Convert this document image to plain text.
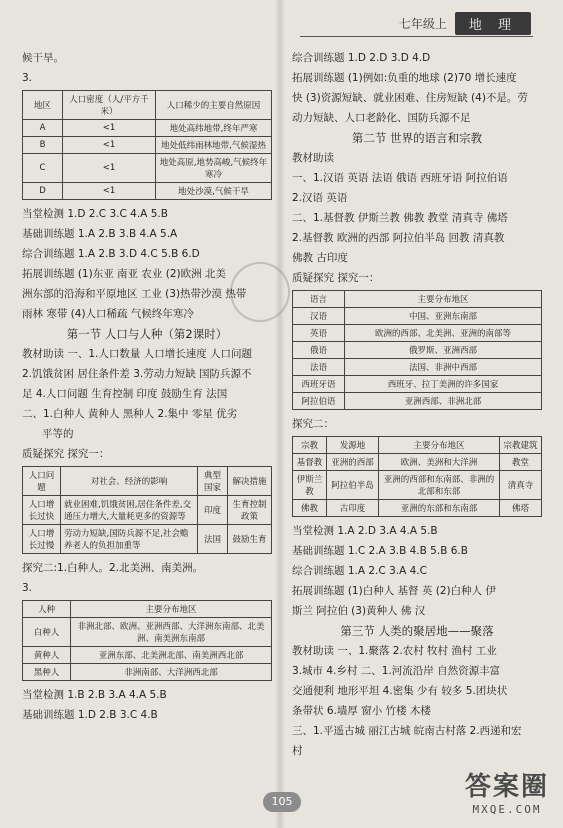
七年级上	地 理
候干旱。
3.
地区	人口密度（人/平方千米）	人口稀少的主要自然原因
A	<1	地处高纬地带,终年严寒
B	<1	地处低纬雨林地带,气候湿热
C	<1	地处高原,地势高峻,气候终年寒冷
D	<1	地处沙漠,气候干旱
当堂检测 1.D 2.C 3.C 4.A 5.B
基础训练题 1.A 2.B 3.B 4.A 5.A
综合训练题 1.A 2.B 3.D 4.C 5.B 6.D
拓展训练题 (1)东亚 南亚 农业 (2)欧洲 北美
洲东部的沿海和平原地区 工业 (3)热带沙漠 热带
雨林 寒带 (4)人口稀疏 气候终年寒冷
第一节 人口与人种（第2课时）
教材助读 一、1.人口数量 人口增长速度 人口问题
2.饥饿贫困 居住条件差 3.劳动力短缺 国防兵源不
足 4.人口问题 生育控制 印度 鼓励生育 法国
二、1.白种人 黄种人 黑种人 2.集中 零星 优劣
平等的
质疑探究 探究一：
人口问题	对社会、经济的影响	典型国家	解决措施
人口增长过快	就业困难,饥饿贫困,居住条件差,交通压力增大,大量耗更多的资源等	印度	生育控制政策
人口增长过慢	劳动力短缺,国防兵源不足,社会赡养老人的负担加重等	法国	鼓励生育
探究二:1.白种人。2.北美洲、南美洲。
3.
人种	主要分布地区
白种人	非洲北部、欧洲、亚洲西部、大洋洲东南部、北美洲、南美洲东南部
黄种人	亚洲东部、北美洲北部、南美洲西北部
黑种人	非洲南部、大洋洲西北部
当堂检测 1.B 2.B 3.A 4.A 5.B
基础训练题 1.D 2.B 3.C 4.B
综合训练题 1.D 2.D 3.D 4.D
拓展训练题 (1)例如:负重的地球 (2)70 增长速度
快 (3)资源短缺、就业困难、住房短缺 (4)不是。劳
动力短缺、人口老龄化、国防兵源不足
第二节 世界的语言和宗教
教材助读
一、1.汉语 英语 法语 俄语 西班牙语 阿拉伯语
2.汉语 英语
二、1.基督教 伊斯兰教 佛教 教堂 清真寺 佛塔
2.基督教 欧洲的西部 阿拉伯半岛 回教 清真教
佛教 古印度
质疑探究 探究一：
语言	主要分布地区
汉语	中国、亚洲东南部
英语	欧洲的西部、北美洲、亚洲的南部等
俄语	俄罗斯、亚洲西部
法语	法国、非洲中西部
西班牙语	西班牙、拉丁美洲的许多国家
阿拉伯语	亚洲西部、非洲北部
探究二：
宗教	发源地	主要分布地区	宗教建筑
基督教	亚洲的西部	欧洲、美洲和大洋洲	教堂
伊斯兰教	阿拉伯半岛	亚洲的西部和东南部、非洲的北部和东部	清真寺
佛教	古印度	亚洲的东部和东南部	佛塔
当堂检测 1.A 2.D 3.A 4.A 5.B
基础训练题 1.C 2.A 3.B 4.B 5.B 6.B
综合训练题 1.A 2.C 3.A 4.C
拓展训练题 (1)白种人 基督 英 (2)白种人 伊
斯兰 阿拉伯 (3)黄种人 佛 汉
第三节 人类的聚居地——聚落
教材助读 一、1.聚落 2.农村 牧村 渔村 工业
3.城市 4.乡村 二、1.河流沿岸 自然资源丰富
交通便利 地形平坦 4.密集 少有 较多 5.团块状
条带状 6.墙厚 窗小 竹楼 木楼
三、1.平遥古城 丽江古城 皖南古村落 2.西递和宏
村
105	答案圈
MXQE.COM
